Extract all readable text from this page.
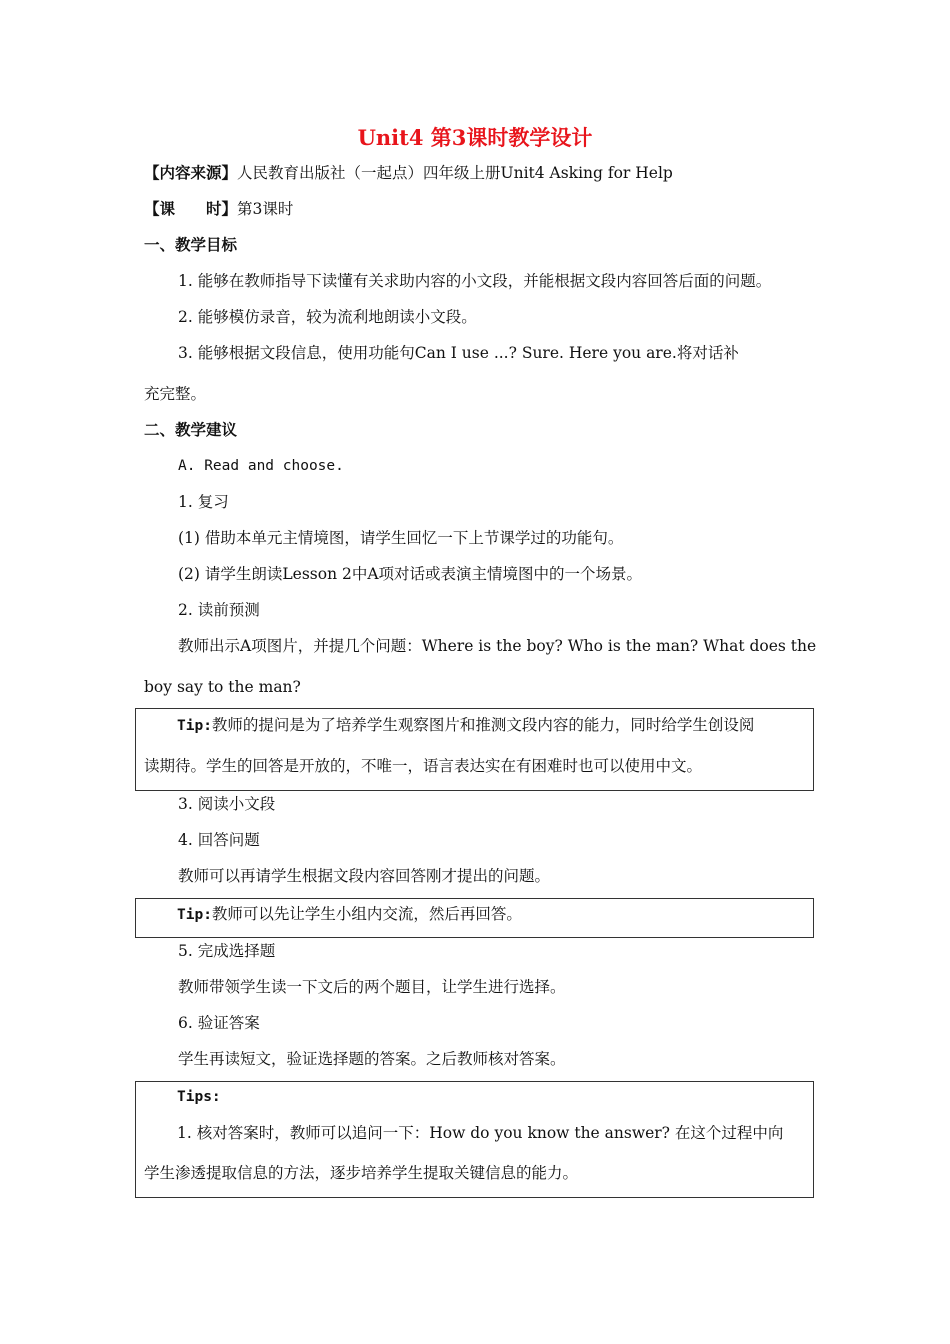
Unit4 第3课时教学设计
【内容来源】人民教育出版社（一起点）四年级上册Unit4 Asking for Help
【课　　时】第3课时
一、教学目标
1. 能够在教师指导下读懂有关求助内容的小文段，并能根据文段内容回答后面的问题。
2. 能够模仿录音，较为流利地朗读小文段。
3. 能够根据文段信息，使用功能句Can I use ...? Sure. Here you are.将对话补
充完整。
二、教学建议
A. Read and choose.
1. 复习
(1) 借助本单元主情境图，请学生回忆一下上节课学过的功能句。
(2) 请学生朗读Lesson 2中A项对话或表演主情境图中的一个场景。
2. 读前预测
教师出示A项图片，并提几个问题：Where is the boy? Who is the man? What does the
boy say to the man?
Tip:教师的提问是为了培养学生观察图片和推测文段内容的能力，同时给学生创设阅
读期待。学生的回答是开放的，不唯一，语言表达实在有困难时也可以使用中文。
3. 阅读小文段
4. 回答问题
教师可以再请学生根据文段内容回答刚才提出的问题。
Tip:教师可以先让学生小组内交流，然后再回答。
5. 完成选择题
教师带领学生读一下文后的两个题目，让学生进行选择。
6. 验证答案
学生再读短文，验证选择题的答案。之后教师核对答案。
Tips:
1. 核对答案时，教师可以追问一下：How do you know the answer? 在这个过程中向
学生渗透提取信息的方法，逐步培养学生提取关键信息的能力。
